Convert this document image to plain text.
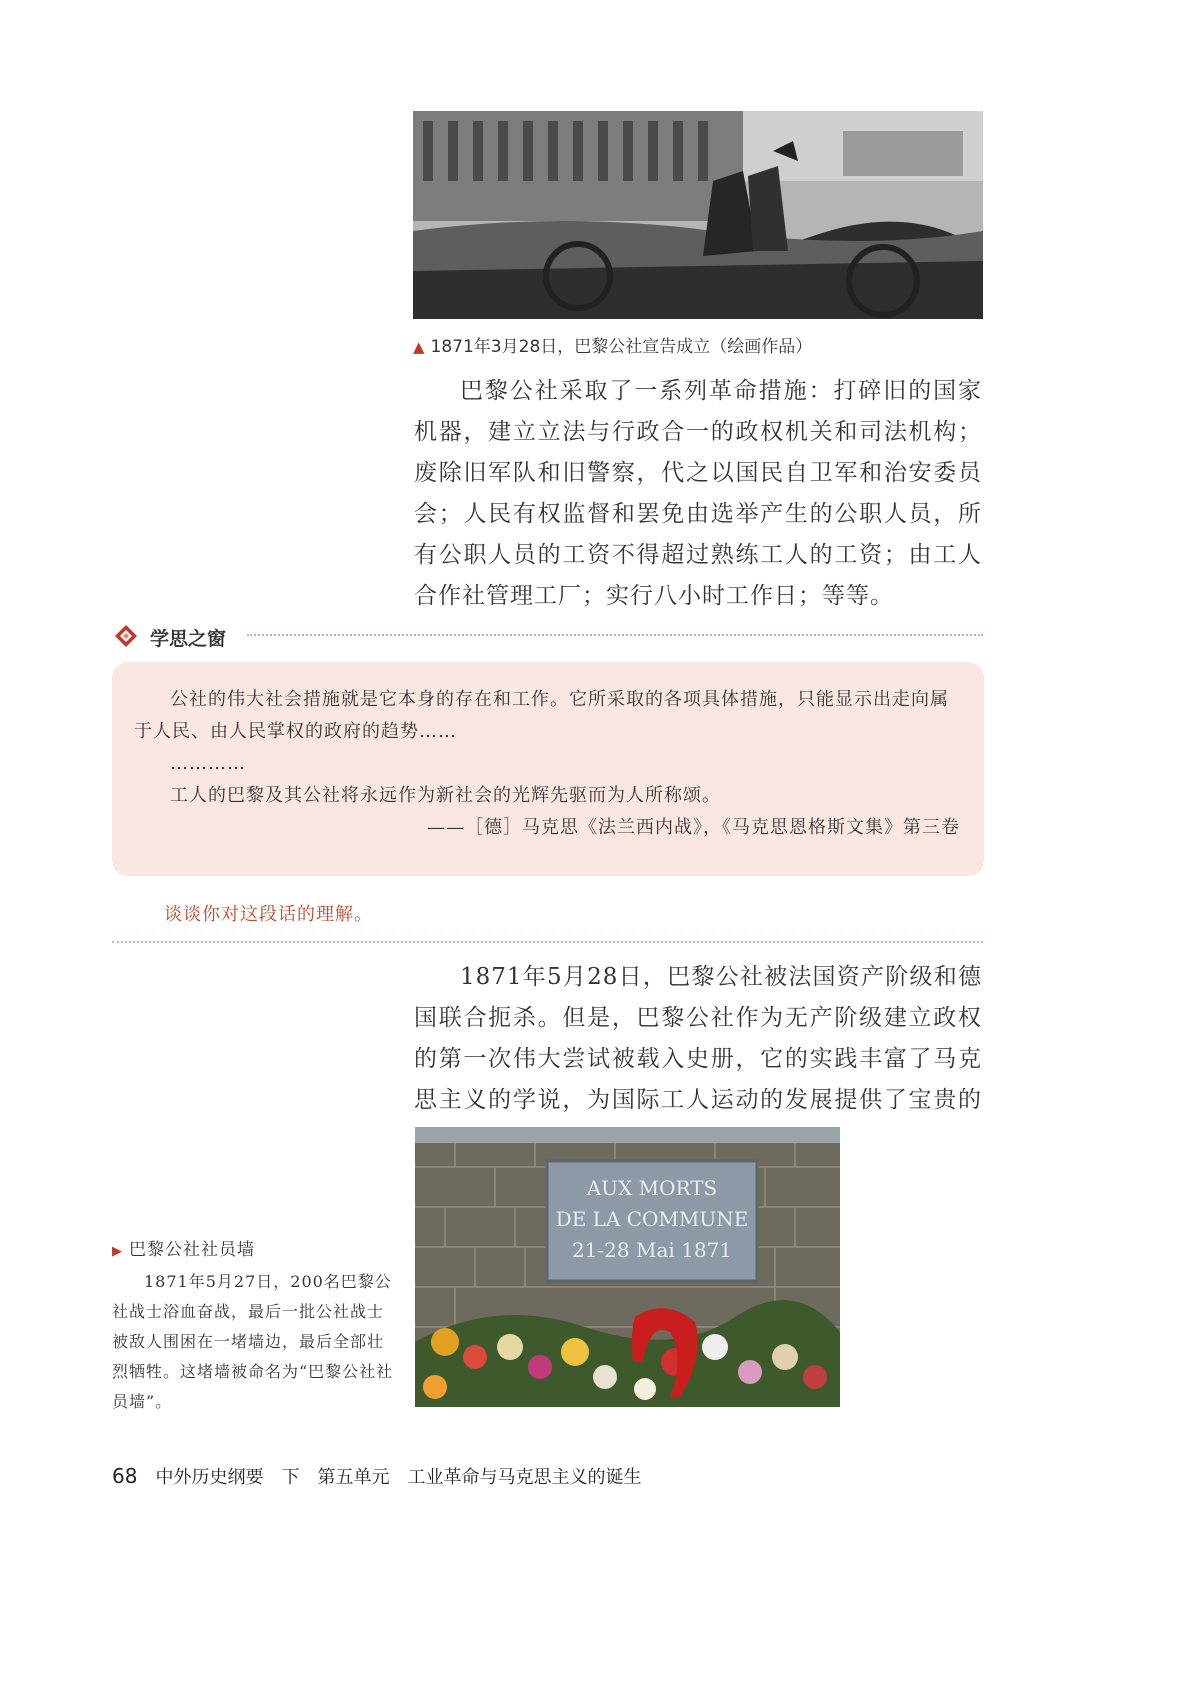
▲ 1871年3月28日，巴黎公社宣告成立（绘画作品）

巴黎公社采取了一系列革命措施：打碎旧的国家机器，建立立法与行政合一的政权机关和司法机构；废除旧军队和旧警察，代之以国民自卫军和治安委员会；人民有权监督和罢免由选举产生的公职人员，所有公职人员的工资不得超过熟练工人的工资；由工人合作社管理工厂；实行八小时工作日；等等。

学思之窗

公社的伟大社会措施就是它本身的存在和工作。它所采取的各项具体措施，只能显示出走向属于人民、由人民掌权的政府的趋势……

…………

工人的巴黎及其公社将永远作为新社会的光辉先驱而为人所称颂。

——［德］马克思《法兰西内战》，《马克思恩格斯文集》第三卷
谈谈你对这段话的理解。

1871年5月28日，巴黎公社被法国资产阶级和德国联合扼杀。但是，巴黎公社作为无产阶级建立政权的第一次伟大尝试被载入史册，它的实践丰富了马克思主义的学说，为国际工人运动的发展提供了宝贵的

AUX MORTS
DE LA COMMUNE
21-28 Mai 1871
▶ 巴黎公社社员墙

1871年5月27日，200名巴黎公社战士浴血奋战，最后一批公社战士被敌人围困在一堵墙边，最后全部壮烈牺牲。这堵墙被命名为“巴黎公社社员墙”。

68 中外历史纲要　下　第五单元　工业革命与马克思主义的诞生
